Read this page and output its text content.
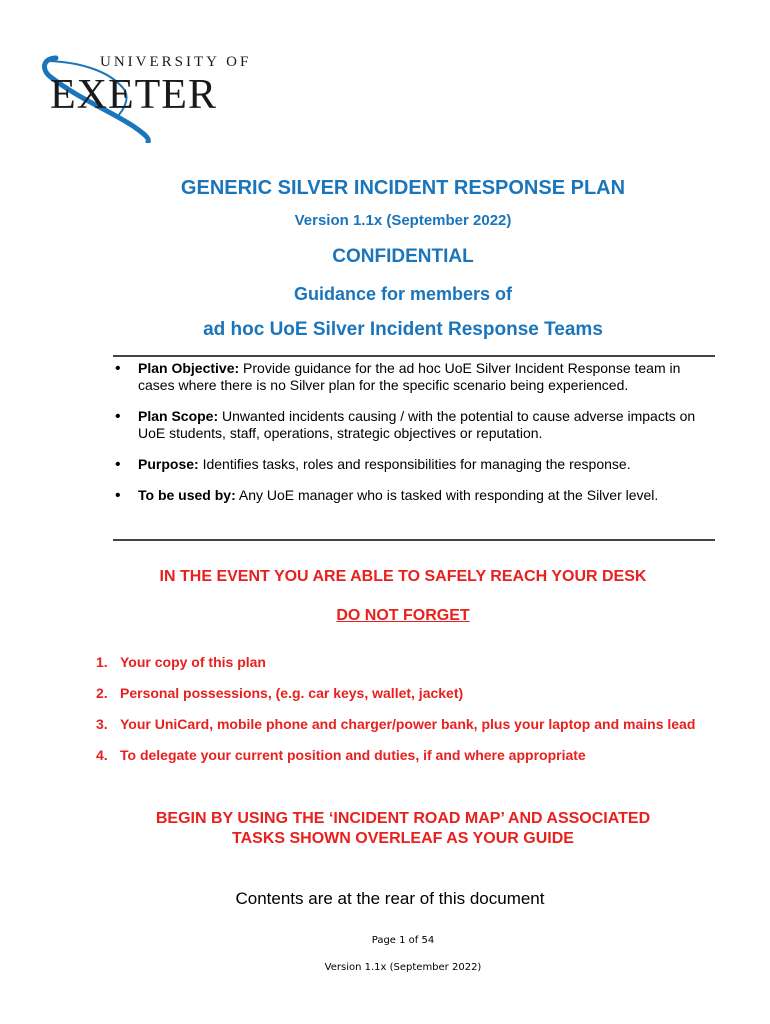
UNIVERSITY OF
EXETER
GENERIC SILVER INCIDENT RESPONSE PLAN
Version 1.1x (September 2022)
CONFIDENTIAL
Guidance for members of
ad hoc UoE Silver Incident Response Teams
• Plan Objective: Provide guidance for the ad hoc UoE Silver Incident Response team in cases where there is no Silver plan for the specific scenario being experienced.
• Plan Scope: Unwanted incidents causing / with the potential to cause adverse impacts on UoE students, staff, operations, strategic objectives or reputation.
• Purpose: Identifies tasks, roles and responsibilities for managing the response.
• To be used by: Any UoE manager who is tasked with responding at the Silver level.
IN THE EVENT YOU ARE ABLE TO SAFELY REACH YOUR DESK
DO NOT FORGET
1. Your copy of this plan
2. Personal possessions, (e.g. car keys, wallet, jacket)
3. Your UniCard, mobile phone and charger/power bank, plus your laptop and mains lead
4. To delegate your current position and duties, if and where appropriate
BEGIN BY USING THE ‘INCIDENT ROAD MAP’ AND ASSOCIATED
TASKS SHOWN OVERLEAF AS YOUR GUIDE
Contents are at the rear of this document
Page 1 of 54
Version 1.1x (September 2022)
